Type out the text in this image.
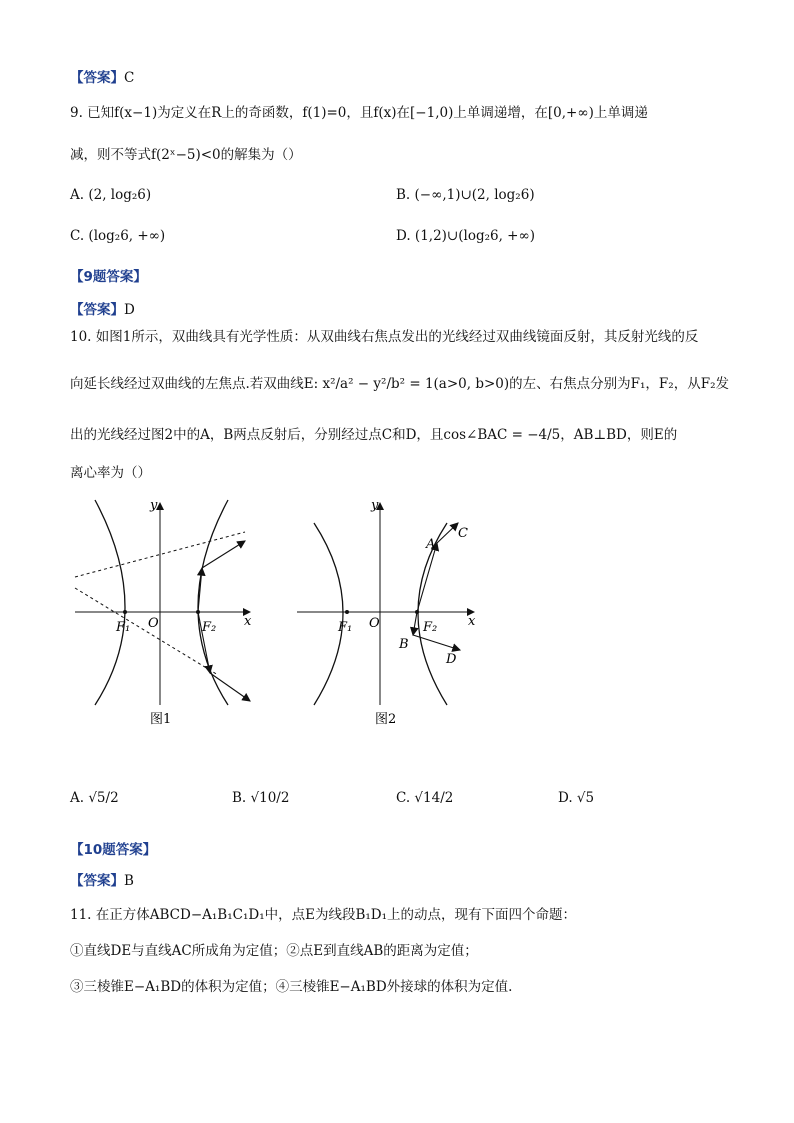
【答案】C
9. 已知f(x−1)为定义在R上的奇函数，f(1)=0，且f(x)在[−1,0)上单调递增，在[0,+∞)上单调递
减，则不等式f(2ˣ−5)<0的解集为（）
A. (2, log₂6)	B. (−∞,1)∪(2, log₂6)
C. (log₂6, +∞)	D. (1,2)∪(log₂6, +∞)
【9题答案】
【答案】D
10. 如图1所示，双曲线具有光学性质：从双曲线右焦点发出的光线经过双曲线镜面反射，其反射光线的反
向延长线经过双曲线的左焦点.若双曲线E: x²/a² − y²/b² = 1(a>0, b>0)的左、右焦点分别为F₁，F₂，从F₂发
出的光线经过图2中的A，B两点反射后，分别经过点C和D，且cos∠BAC = −4/5，AB⊥BD，则E的
离心率为（）
y
x
O
F₁	F₂
图1
y
x
O
F₁	F₂
A
C
B
D
图2
A. √5/2	B. √10/2	C. √14/2	D. √5
【10题答案】
【答案】B
11. 在正方体ABCD−A₁B₁C₁D₁中，点E为线段B₁D₁上的动点，现有下面四个命题：
①直线DE与直线AC所成角为定值；②点E到直线AB的距离为定值；
③三棱锥E−A₁BD的体积为定值；④三棱锥E−A₁BD外接球的体积为定值.
